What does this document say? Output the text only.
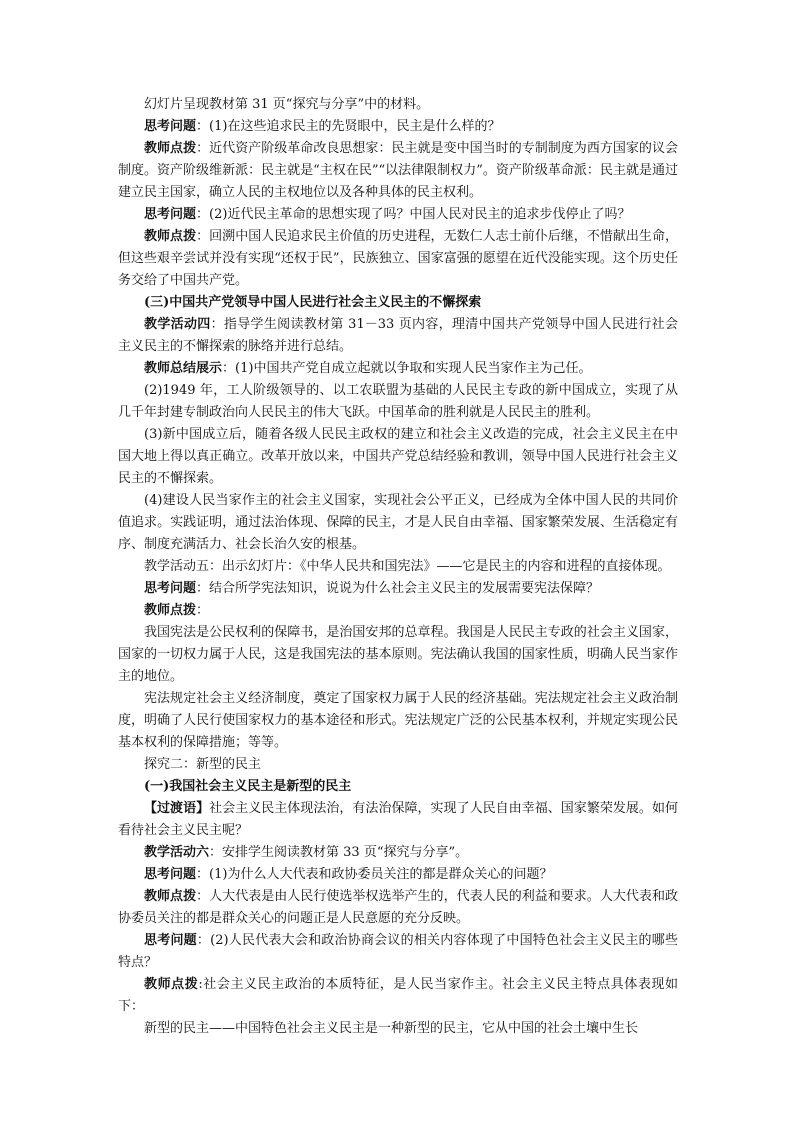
幻灯片呈现教材第 31 页“探究与分享”中的材料。

思考问题：(1)在这些追求民主的先贤眼中，民主是什么样的？

教师点拨：近代资产阶级革命改良思想家：民主就是变中国当时的专制制度为西方国家的议会制度。资产阶级维新派：民主就是“主权在民”“以法律限制权力”。资产阶级革命派：民主就是通过建立民主国家，确立人民的主权地位以及各种具体的民主权利。

思考问题：(2)近代民主革命的思想实现了吗？中国人民对民主的追求步伐停止了吗？

教师点拨：回溯中国人民追求民主价值的历史进程，无数仁人志士前仆后继，不惜献出生命，但这些艰辛尝试并没有实现“还权于民”，民族独立、国家富强的愿望在近代没能实现。这个历史任务交给了中国共产党。

(三)中国共产党领导中国人民进行社会主义民主的不懈探索

教学活动四：指导学生阅读教材第 31－33 页内容，理清中国共产党领导中国人民进行社会主义民主的不懈探索的脉络并进行总结。

教师总结展示：(1)中国共产党自成立起就以争取和实现人民当家作主为己任。

(2)1949 年，工人阶级领导的、以工农联盟为基础的人民民主专政的新中国成立，实现了从几千年封建专制政治向人民民主的伟大飞跃。中国革命的胜利就是人民民主的胜利。

(3)新中国成立后，随着各级人民民主政权的建立和社会主义改造的完成，社会主义民主在中国大地上得以真正确立。改革开放以来，中国共产党总结经验和教训，领导中国人民进行社会主义民主的不懈探索。

(4)建设人民当家作主的社会主义国家，实现社会公平正义，已经成为全体中国人民的共同价值追求。实践证明，通过法治体现、保障的民主，才是人民自由幸福、国家繁荣发展、生活稳定有序、制度充满活力、社会长治久安的根基。

教学活动五：出示幻灯片：《中华人民共和国宪法》——它是民主的内容和进程的直接体现。

思考问题：结合所学宪法知识，说说为什么社会主义民主的发展需要宪法保障？

教师点拨：

我国宪法是公民权利的保障书，是治国安邦的总章程。我国是人民民主专政的社会主义国家，国家的一切权力属于人民，这是我国宪法的基本原则。宪法确认我国的国家性质，明确人民当家作主的地位。

宪法规定社会主义经济制度，奠定了国家权力属于人民的经济基础。宪法规定社会主义政治制度，明确了人民行使国家权力的基本途径和形式。宪法规定广泛的公民基本权利，并规定实现公民基本权利的保障措施；等等。

探究二：新型的民主

(一)我国社会主义民主是新型的民主

【过渡语】社会主义民主体现法治，有法治保障，实现了人民自由幸福、国家繁荣发展。如何看待社会主义民主呢？

教学活动六：安排学生阅读教材第 33 页“探究与分享”。

思考问题：(1)为什么人大代表和政协委员关注的都是群众关心的问题？

教师点拨：人大代表是由人民行使选举权选举产生的，代表人民的利益和要求。人大代表和政协委员关注的都是群众关心的问题正是人民意愿的充分反映。

思考问题：(2)人民代表大会和政治协商会议的相关内容体现了中国特色社会主义民主的哪些特点？

教师点拨:社会主义民主政治的本质特征，是人民当家作主。社会主义民主特点具体表现如下：

新型的民主——中国特色社会主义民主是一种新型的民主，它从中国的社会土壤中生长
